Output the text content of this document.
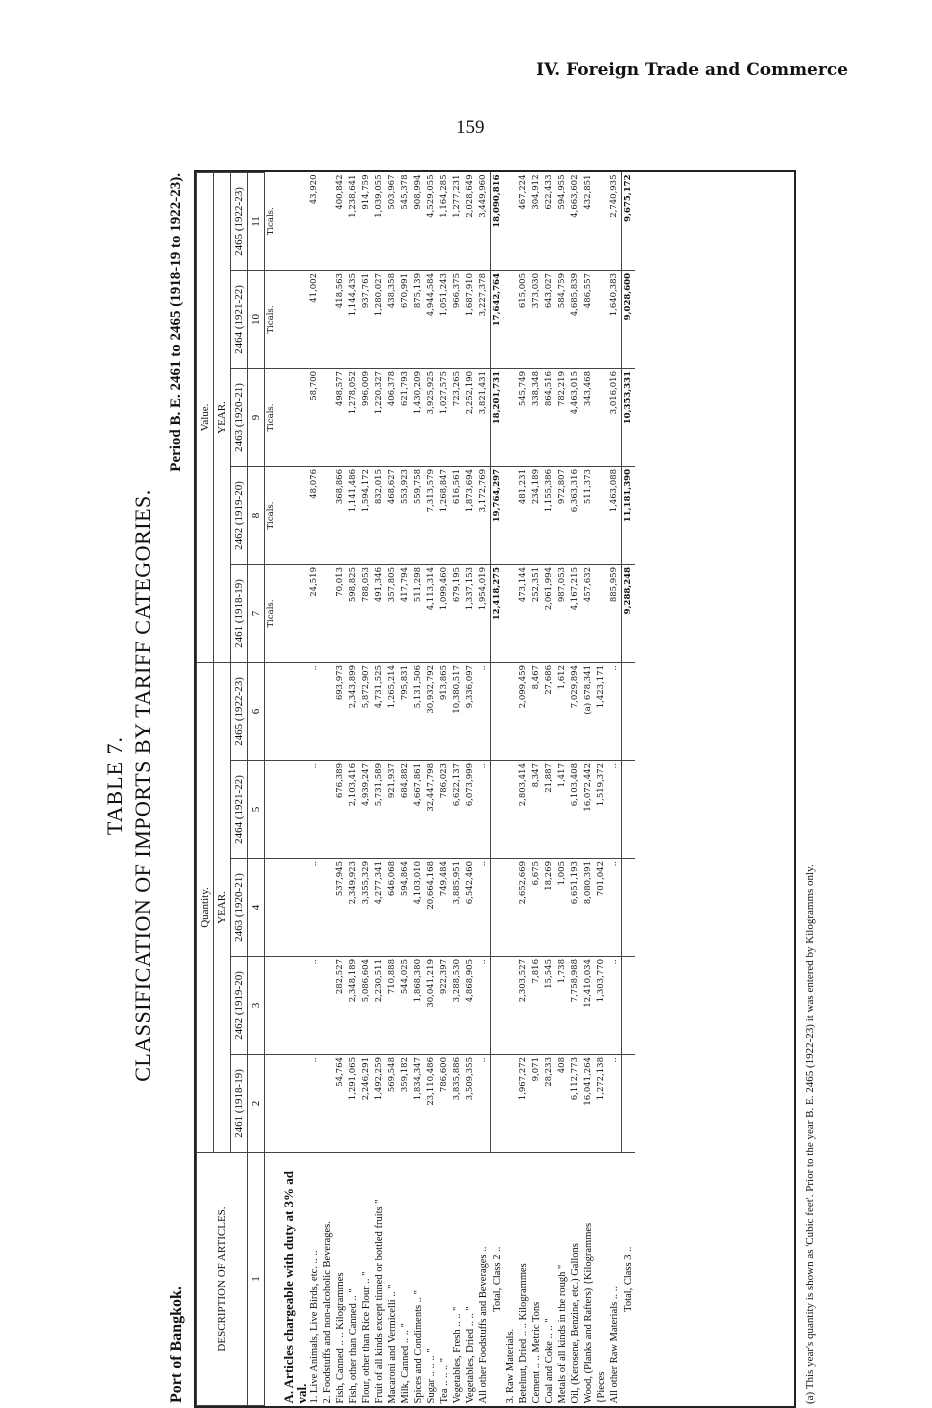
IV. Foreign Trade and Commerce
159
TABLE 7. CLASSIFICATION OF IMPORTS BY TARIFF CATEGORIES.
Port of Bangkok.
Period B. E. 2461 to 2465 (1918-19 to 1922-23).
DESCRIPTION OF ARTICLES.	Quantity.					Value.				
	YEAR.					YEAR.				
	2461 (1918-19)	2462 (1919-20)	2463 (1920-21)	2464 (1921-22)	2465 (1922-23)	2461 (1918-19)	2462 (1919-20)	2463 (1920-21)	2464 (1921-22)	2465 (1922-23)
1	2	3	4	5	6	7	8	9	10	11
						Ticals.	Ticals.	Ticals.	Ticals.	Ticals.
A. Articles chargeable with duty at 3% ad val.										
1. Live Animals, Live Birds, etc. .. ..	..	..	..	..	..	24,519	48,076	58,700	41,002	43,920
2. Foodstuffs and non-alcoholic Beverages.										
Fish, Canned .. .. Kilogrammes	54,764	282,527	537,945	676,389	693,973	70,013	368,866	498,577	418,563	400,842
Fish, other than Canned .. "	1,291,065	2,348,189	2,349,923	2,103,416	2,343,899	598,825	1,141,486	1,278,052	1,144,435	1,238,641
Flour, other than Rice Flour .. "	2,246,291	5,086,604	3,355,329	4,939,247	5,872,907	788,053	1,594,172	996,009	937,761	914,759
Fruit of all kinds except tinned or bottled fruits "	1,492,259	2,230,511	4,277,341	5,731,589	4,731,525	491,346	832,015	1,220,327	1,280,027	1,039,055
Macaroni and Vermicelli .. "	569,548	710,888	646,068	921,937	1,265,214	357,805	468,627	406,378	438,358	503,967
Milk, Canned .. .. "	359,182	544,025	594,864	684,882	795,831	417,794	553,923	621,793	670,991	545,378
Spices and Condiments .. "	1,834,347	1,868,380	4,103,010	4,667,861	5,131,506	511,298	559,758	1,430,209	875,139	908,994
Sugar .. .. .. "	23,110,486	30,041,219	20,664,168	32,447,798	30,932,792	4,113,314	7,313,579	3,925,925	4,944,584	4,529,055
Tea .. .. .. "	786,600	922,397	749,484	786,023	913,865	1,099,460	1,268,847	1,027,575	1,051,243	1,164,285
Vegetables, Fresh .. .. "	3,835,886	3,288,530	3,885,951	6,622,137	10,380,517	679,195	616,561	723,265	966,375	1,277,231
Vegetables, Dried .. .. "	3,509,355	4,868,905	6,542,460	6,073,999	9,336,097	1,337,153	1,873,694	2,252,190	1,687,910	2,028,649
All other Foodstuffs and Beverages ..	..	..	..	..	..	1,954,019	3,172,769	3,821,431	3,227,378	3,449,960
Total, Class 2 ..						12,418,275	19,764,297	18,201,731	17,642,764	18,090,816
3. Raw Materials.										
Betelnut, Dried .. .. Kilogrammes	1,967,272	2,303,527	2,652,669	2,803,414	2,099,459	473,144	481,231	545,749	615,005	467,224
Cement .. .. Metric Tons	9,071	7,816	6,675	8,347	8,467	252,351	234,189	338,348	373,030	304,912
Coal and Coke .. .. "	28,233	15,545	18,269	21,887	27,686	2,061,994	1,155,386	864,516	643,027	622,433
Metals of all kinds in the rough "	408	1,738	1,005	1,417	1,612	987,053	972,807	782,219	584,759	594,955
Oil, (Kerosene, Benzine, etc.) Gallons	6,112,773	7,758,988	6,651,193	6,103,408	7,029,894	4,167,215	6,363,316	4,463,015	4,685,839	4,663,602
Wood, (Planks and Rafters) {Kilogrammes	16,041,264	12,410,034	8,080,391	16,072,442	(a) 678,341	457,632	511,373	343,468	486,557	432,851
{Pieces	1,272,138	1,303,770	701,042	1,519,372	1,423,171					
All other Raw Materials .. ..	..	..	..	..	..	885,959	1,463,088	3,016,016	1,640,383	2,740,935
Total, Class 3 ..						9,288,248	11,181,390	10,353,331	9,028,600	9,675,172
(a) This year's quantity is shown as 'Cubic feet'. Prior to the year B. E. 2465 (1922-23) it was entered by Kilogramms only.
